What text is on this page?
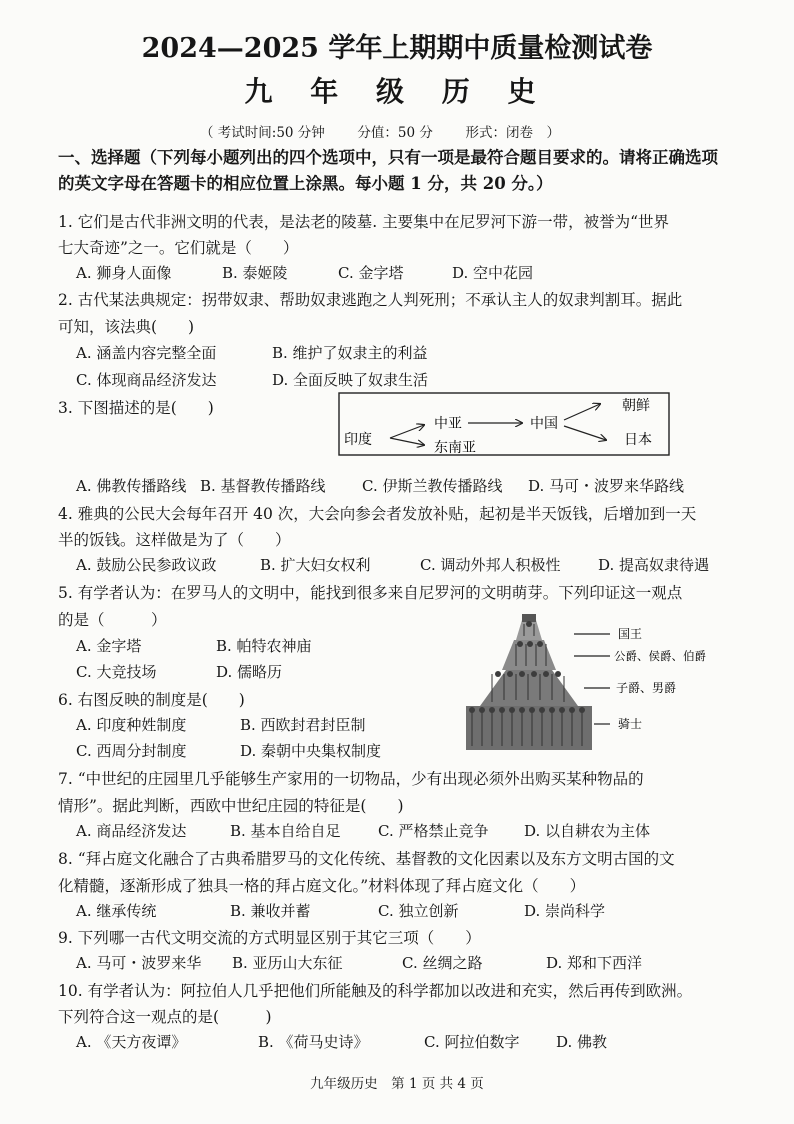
2024—2025 学年上期期中质量检测试卷
九 年 级 历 史
（ 考试时间:50 分钟 分值：50 分 形式：闭卷　）
一、选择题（下列每小题列出的四个选项中，只有一项是最符合题目要求的。请将正确选项
的英文字母在答题卡的相应位置上涂黑。每小题 1 分，共 20 分。）
1. 它们是古代非洲文明的代表，是法老的陵墓. 主要集中在尼罗河下游一带，被誉为“世界
七大奇迹”之一。它们就是（　　）
A. 狮身人面像	B. 泰姬陵	C. 金字塔	D. 空中花园
2. 古代某法典规定：拐带奴隶、帮助奴隶逃跑之人判死刑；不承认主人的奴隶判割耳。据此
可知，该法典(　　)
A. 涵盖内容完整全面	B. 维护了奴隶主的利益
C. 体现商品经济发达	D. 全面反映了奴隶生活
3. 下图描述的是(　　)
印度
中亚
东南亚
中国
朝鲜
日本
A. 佛教传播路线 B. 基督教传播路线 C. 伊斯兰教传播路线 D. 马可・波罗来华路线
4. 雅典的公民大会每年召开 40 次，大会向参会者发放补贴，起初是半天饭钱，后增加到一天
半的饭钱。这样做是为了（　　）
A. 鼓励公民参政议政	B. 扩大妇女权利	C. 调动外邦人积极性	D. 提高奴隶待遇
5. 有学者认为：在罗马人的文明中，能找到很多来自尼罗河的文明萌芽。下列印证这一观点
的是（　　　）
A. 金字塔	B. 帕特农神庙
C. 大竞技场	D. 儒略历
国王
公爵、侯爵、伯爵
子爵、男爵
骑士
6. 右图反映的制度是(　　)
A. 印度种姓制度	B. 西欧封君封臣制
C. 西周分封制度	D. 秦朝中央集权制度
7. “中世纪的庄园里几乎能够生产家用的一切物品，少有出现必须外出购买某种物品的
情形”。据此判断，西欧中世纪庄园的特征是(　　)
A. 商品经济发达	B. 基本自给自足 C. 严格禁止竞争 D. 以自耕农为主体
8. “拜占庭文化融合了古典希腊罗马的文化传统、基督教的文化因素以及东方文明古国的文
化精髓，逐渐形成了独具一格的拜占庭文化。”材料体现了拜占庭文化（　　）
A. 继承传统	B. 兼收并蓄	C. 独立创新	D. 崇尚科学
9. 下列哪一古代文明交流的方式明显区别于其它三项（　　）
A. 马可・波罗来华 B. 亚历山大东征	C. 丝绸之路	D. 郑和下西洋
10. 有学者认为：阿拉伯人几乎把他们所能触及的科学都加以改进和充实，然后再传到欧洲。
下列符合这一观点的是(　　　)
A. 《天方夜谭》	B. 《荷马史诗》	C. 阿拉伯数字 D. 佛教
九年级历史　第 1 页 共 4 页
